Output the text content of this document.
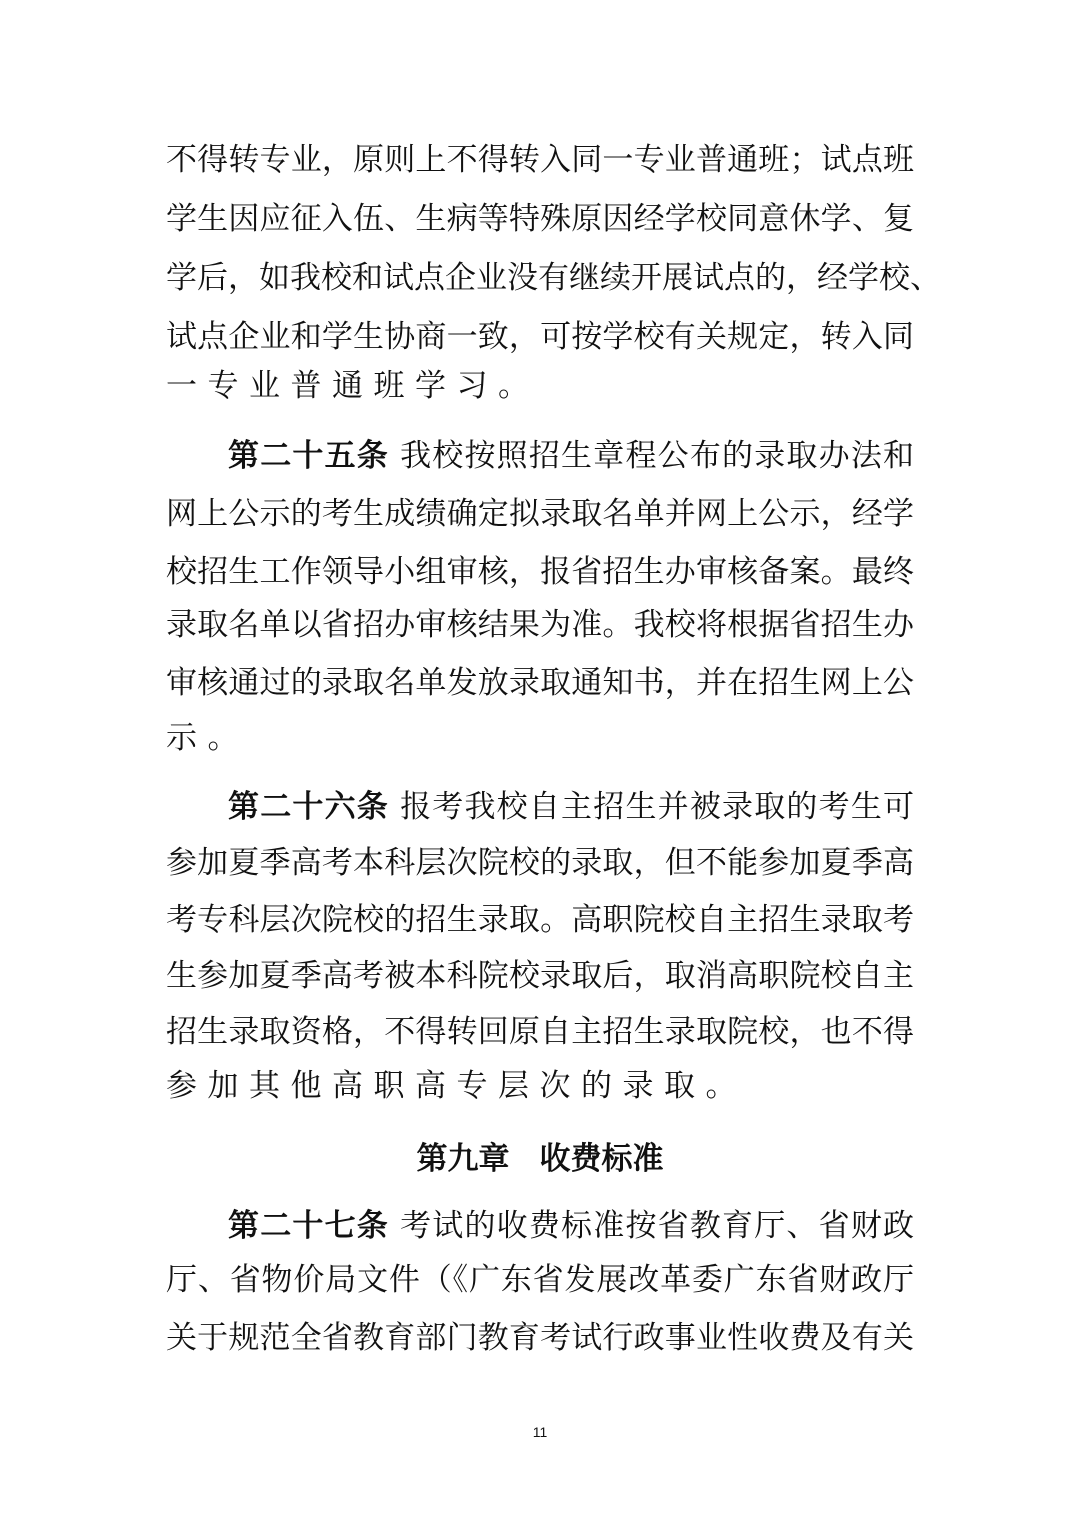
不得转专业，原则上不得转入同一专业普通班；试点班
学生因应征入伍、生病等特殊原因经学校同意休学、复
学后，如我校和试点企业没有继续开展试点的，经学校、
试点企业和学生协商一致，可按学校有关规定，转入同
一专业普通班学习。
第二十五条 我校按照招生章程公布的录取办法和
网上公示的考生成绩确定拟录取名单并网上公示，经学
校招生工作领导小组审核，报省招生办审核备案。最终
录取名单以省招办审核结果为准。我校将根据省招生办
审核通过的录取名单发放录取通知书，并在招生网上公
示。
第二十六条 报考我校自主招生并被录取的考生可
参加夏季高考本科层次院校的录取，但不能参加夏季高
考专科层次院校的招生录取。高职院校自主招生录取考
生参加夏季高考被本科院校录取后，取消高职院校自主
招生录取资格，不得转回原自主招生录取院校，也不得
参加其他高职高专层次的录取。
第九章 收费标准
第二十七条 考试的收费标准按省教育厅、省财政
厅、省物价局文件（《广东省发展改革委广东省财政厅
关于规范全省教育部门教育考试行政事业性收费及有关
11
